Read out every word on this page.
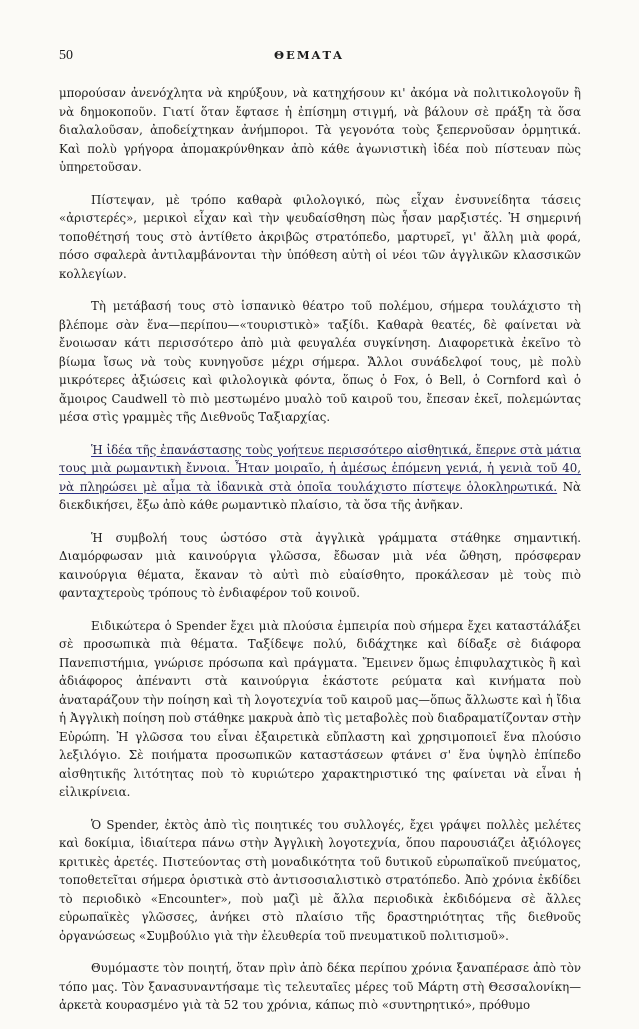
50	ΘΕΜΑΤΑ

μπορούσαν ἀνενόχλητα νὰ κηρύξουν, νὰ κατηχήσουν κι' ἀκόμα νὰ πολιτικολογοῦν ἢ νὰ δημοκοποῦν. Γιατί ὅταν ἔφτασε ἡ ἐπίσημη στιγμή, νὰ βάλουν σὲ πράξη τὰ ὅσα διαλαλοῦσαν, ἀποδείχτηκαν ἀνήμποροι. Τὰ γεγονότα τοὺς ξεπερνοῦσαν ὁρμητικά. Καὶ πολὺ γρήγορα ἀπομακρύνθηκαν ἀπὸ κάθε ἀγωνιστικὴ ἰδέα ποὺ πίστευαν πὼς ὑπηρετοῦσαν.

Πίστεψαν, μὲ τρόπο καθαρὰ φιλολογικό, πὼς εἶχαν ἐνσυνείδητα τάσεις «ἀριστερές», μερικοὶ εἶχαν καὶ τὴν ψευδαίσθηση πὼς ἦσαν μαρξιστές. Ἡ σημερινή τοποθέτησή τους στὸ ἀντίθετο ἀκριβῶς στρατόπεδο, μαρτυρεῖ, γι' ἄλλη μιὰ φορά, πόσο σφαλερὰ ἀντιλαμβάνονται τὴν ὑπόθεση αὐτὴ οἱ νέοι τῶν ἀγγλικῶν κλασσικῶν κολλεγίων.

Τὴ μετάβασή τους στὸ ἱσπανικὸ θέατρο τοῦ πολέμου, σήμερα τουλάχιστο τὴ βλέπομε σὰν ἕνα—περίπου—«τουριστικὸ» ταξίδι. Καθαρὰ θεατές, δὲ φαίνεται νὰ ἔνοιωσαν κάτι περισσότερο ἀπὸ μιὰ φευγαλέα συγκίνηση. Διαφορετικὰ ἐκεῖνο τὸ βίωμα ἴσως νὰ τοὺς κυνηγοῦσε μέχρι σήμερα. Ἄλλοι συνάδελφοί τους, μὲ πολὺ μικρότερες ἀξιώσεις καὶ φιλολογικὰ φόντα, ὅπως ὁ Fox, ὁ Bell, ὁ Cornford καὶ ὁ ἄμοιρος Caudwell τὸ πιὸ μεστωμένο μυαλὸ τοῦ καιροῦ του, ἔπεσαν ἐκεῖ, πολεμώντας μέσα στὶς γραμμὲς τῆς Διεθνοῦς Ταξιαρχίας.

Ἡ ἰδέα τῆς ἐπανάστασης τοὺς γοήτευε περισσότερο αἰσθητικά, ἔπερνε στὰ μάτια τους μιὰ ρωμαντικὴ ἔννοια. Ἦταν μοιραῖο, ἡ ἀμέσως ἑπόμενη γενιά, ἡ γενιὰ τοῦ 40, νὰ πληρώσει μὲ αἷμα τὰ ἰδανικὰ στὰ ὁποῖα τουλάχιστο πίστεψε ὁλοκληρωτικά. Νὰ διεκδικήσει, ἔξω ἀπὸ κάθε ρωμαντικὸ πλαίσιο, τὰ ὅσα τῆς ἀνῆκαν.

Ἡ συμβολή τους ὡστόσο στὰ ἀγγλικὰ γράμματα στάθηκε σημαντική. Διαμόρφωσαν μιὰ καινούργια γλῶσσα, ἔδωσαν μιὰ νέα ὤθηση, πρόσφεραν καινούργια θέματα, ἔκαναν τὸ αὐτὶ πιὸ εὐαίσθητο, προκάλεσαν μὲ τοὺς πιὸ φανταχτεροὺς τρόπους τὸ ἐνδιαφέρον τοῦ κοινοῦ.

Ειδικώτερα ὁ Spender ἔχει μιὰ πλούσια ἐμπειρία ποὺ σήμερα ἔχει καταστάλάξει σὲ προσωπικὰ πιὰ θέματα. Ταξίδεψε πολύ, διδάχτηκε καὶ δίδαξε σὲ διάφορα Πανεπιστήμια, γνώρισε πρόσωπα καὶ πράγματα. Ἔμεινεν ὅμως ἐπιφυλαχτικὸς ἢ καὶ ἀδιάφορος ἀπέναντι στὰ καινούργια ἑκάστοτε ρεύματα καὶ κινήματα ποὺ ἀναταράζουν τὴν ποίηση καὶ τὴ λογοτεχνία τοῦ καιροῦ μας—ὅπως ἄλλωστε καὶ ἡ ἴδια ἡ Ἀγγλικὴ ποίηση ποὺ στάθηκε μακρυὰ ἀπὸ τὶς μεταβολὲς ποὺ διαδραματίζονταν στὴν Εὐρώπη. Ἡ γλῶσσα του εἶναι ἐξαιρετικὰ εὔπλαστη καὶ χρησιμοποιεῖ ἕνα πλούσιο λεξιλόγιο. Σὲ ποιήματα προσωπικῶν καταστάσεων φτάνει σ' ἕνα ὑψηλὸ ἐπίπεδο αἰσθητικῆς λιτότητας ποὺ τὸ κυριώτερο χαρακτηριστικό της φαίνεται νὰ εἶναι ἡ εἰλικρίνεια.

Ὁ Spender, ἐκτὸς ἀπὸ τὶς ποιητικές του συλλογές, ἔχει γράψει πολλὲς μελέτες καὶ δοκίμια, ἰδιαίτερα πάνω στὴν Ἀγγλικὴ λογοτεχνία, ὅπου παρουσιάζει ἀξιόλογες κριτικὲς ἀρετές. Πιστεύοντας στὴ μοναδικότητα τοῦ δυτικοῦ εὐρωπαϊκοῦ πνεύματος, τοποθετεῖται σήμερα ὁριστικὰ στὸ ἀντισοσιαλιστικὸ στρατόπεδο. Ἀπὸ χρόνια ἐκδίδει τὸ περιοδικὸ «Encounter», ποὺ μαζὶ μὲ ἄλλα περιοδικὰ ἐκδιδόμενα σὲ ἄλλες εὐρωπαϊκὲς γλῶσσες, ἀνήκει στὸ πλαίσιο τῆς δραστηριότητας τῆς διεθνοῦς ὀργανώσεως «Συμβούλιο γιὰ τὴν ἐλευθερία τοῦ πνευματικοῦ πολιτισμοῦ».

Θυμόμαστε τὸν ποιητή, ὅταν πρὶν ἀπὸ δέκα περίπου χρόνια ξαναπέρασε ἀπὸ τὸν τόπο μας. Τὸν ξανασυναντήσαμε τὶς τελευταῖες μέρες τοῦ Μάρτη στὴ Θεσσαλονίκη—ἀρκετὰ κουρασμένο γιὰ τὰ 52 του χρόνια, κάπως πιὸ «συντηρητικό», πρόθυμο
